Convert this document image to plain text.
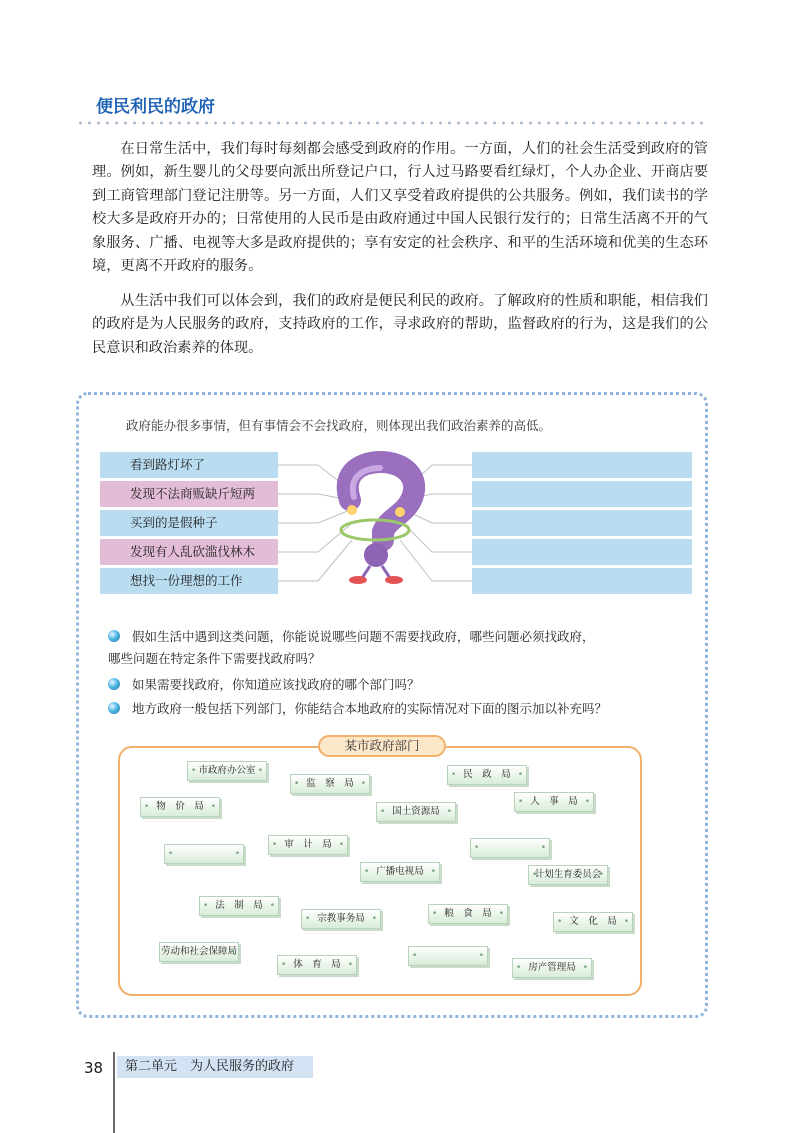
便民利民的政府

在日常生活中，我们每时每刻都会感受到政府的作用。一方面，人们的社会生活受到政府的管理。例如，新生婴儿的父母要向派出所登记户口，行人过马路要看红绿灯，个人办企业、开商店要到工商管理部门登记注册等。另一方面，人们又享受着政府提供的公共服务。例如，我们读书的学校大多是政府开办的；日常使用的人民币是由政府通过中国人民银行发行的；日常生活离不开的气象服务、广播、电视等大多是政府提供的；享有安定的社会秩序、和平的生活环境和优美的生态环境，更离不开政府的服务。

从生活中我们可以体会到，我们的政府是便民利民的政府。了解政府的性质和职能，相信我们的政府是为人民服务的政府，支持政府的工作，寻求政府的帮助，监督政府的行为，这是我们的公民意识和政治素养的体现。

政府能办很多事情，但有事情会不会找政府，则体现出我们政治素养的高低。
看到路灯坏了
发现不法商贩缺斤短两
买到的是假种子
发现有人乱砍滥伐林木
想找一份理想的工作
假如生活中遇到这类问题，你能说说哪些问题不需要找政府，哪些问题必须找政府，
哪些问题在特定条件下需要找政府吗？
如果需要找政府，你知道应该找政府的哪个部门吗？
地方政府一般包括下列部门，你能结合本地政府的实际情况对下面的图示加以补充吗？
某市政府部门
• 市政府办公室 •
• 监　察　局 •
• 民　政　局 •
• 物　价　局 •	• 国土资源局 •
• 人　事　局 •
• •
• 审　计　局 •
• •
• 广播电视局 •	• 计划生育委员会 •
• 法　制　局 •
• 宗教事务局 •	• 粮　食　局 •
• 文　化　局 •
• 劳动和社会保障局 •
• 体　育　局 •
• •	• 房产管理局 •
38	第二单元　为人民服务的政府
